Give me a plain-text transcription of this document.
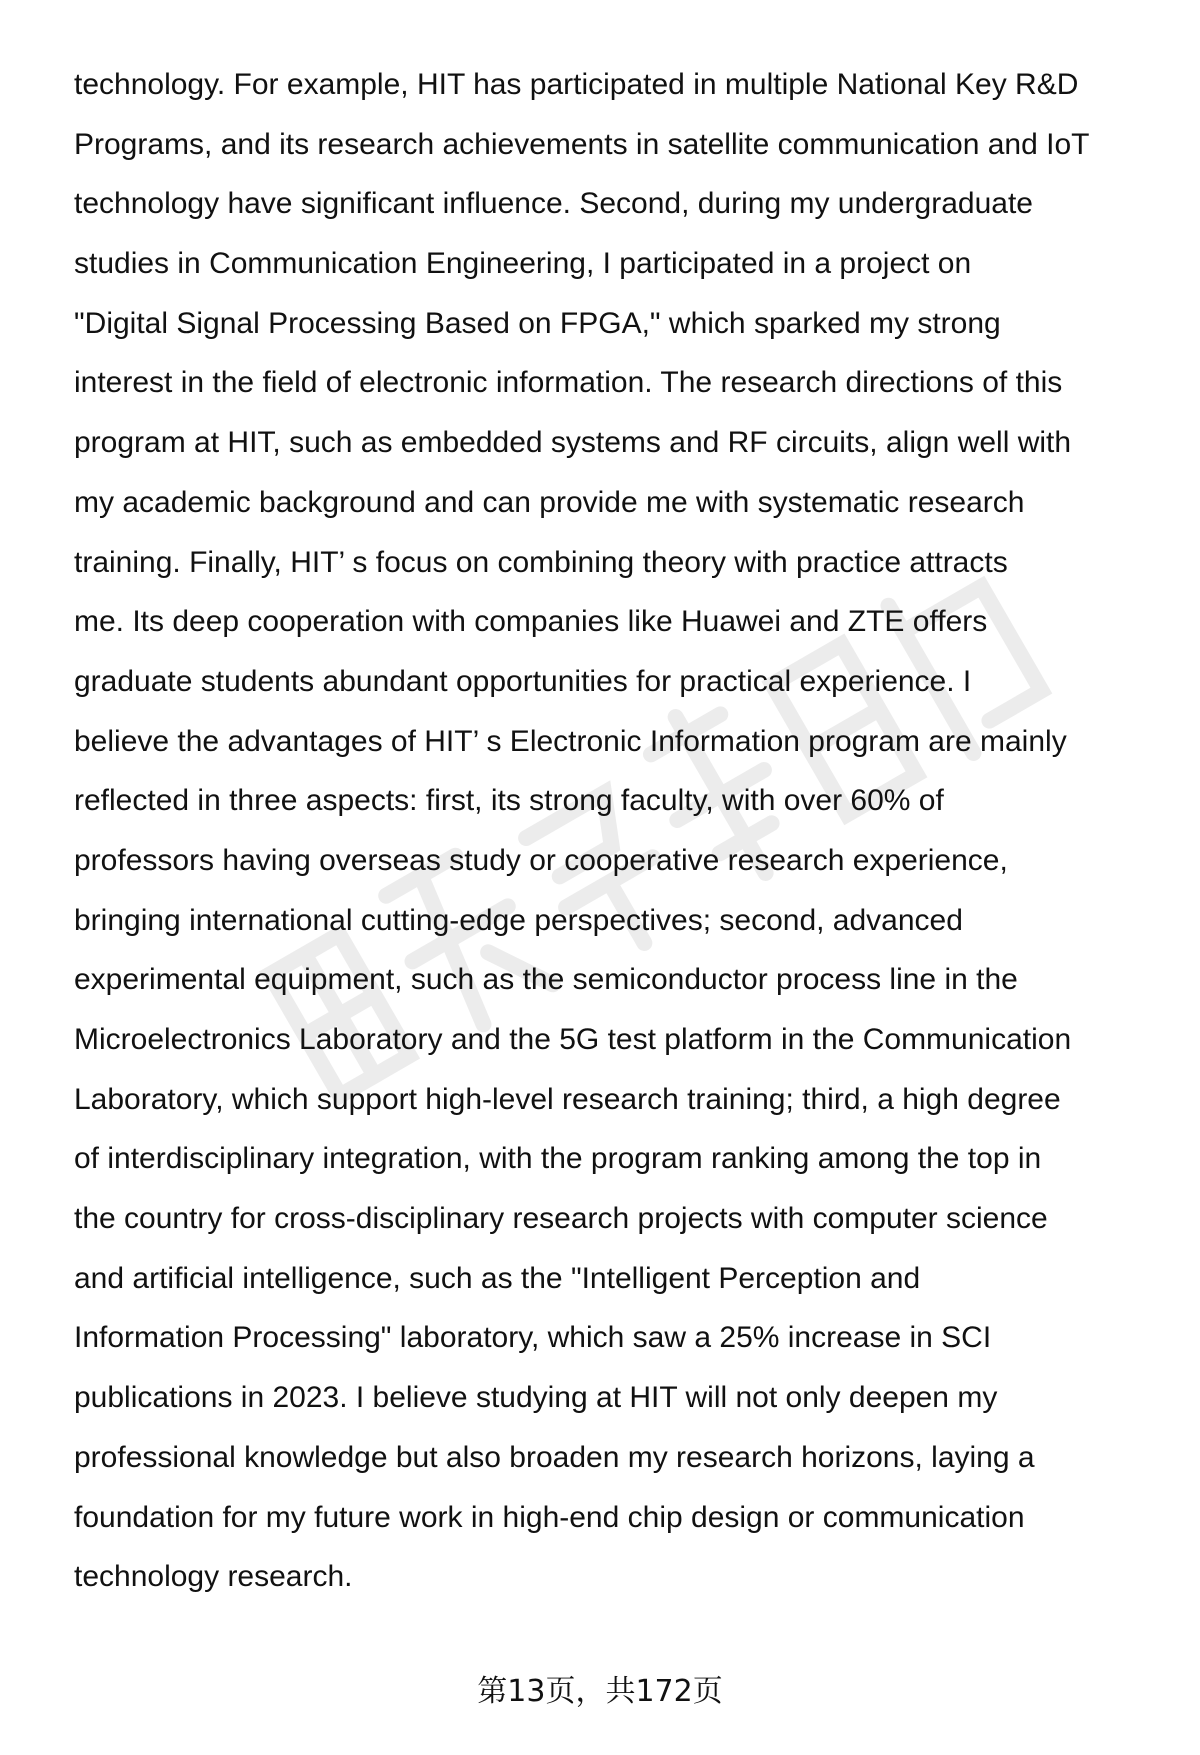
technology. For example, HIT has participated in multiple National Key R&D
Programs, and its research achievements in satellite communication and IoT
technology have significant influence. Second, during my undergraduate
studies in Communication Engineering, I participated in a project on
"Digital Signal Processing Based on FPGA," which sparked my strong
interest in the field of electronic information. The research directions of this
program at HIT, such as embedded systems and RF circuits, align well with
my academic background and can provide me with systematic research
training. Finally, HIT’ s focus on combining theory with practice attracts
me. Its deep cooperation with companies like Huawei and ZTE offers
graduate students abundant opportunities for practical experience. I
believe the advantages of HIT’ s Electronic Information program are mainly
reflected in three aspects: first, its strong faculty, with over 60% of
professors having overseas study or cooperative research experience,
bringing international cutting-edge perspectives; second, advanced
experimental equipment, such as the semiconductor process line in the
Microelectronics Laboratory and the 5G test platform in the Communication
Laboratory, which support high-level research training; third, a high degree
of interdisciplinary integration, with the program ranking among the top in
the country for cross-disciplinary research projects with computer science
and artificial intelligence, such as the "Intelligent Perception and
Information Processing" laboratory, which saw a 25% increase in SCI
publications in 2023. I believe studying at HIT will not only deepen my
professional knowledge but also broaden my research horizons, laying a
foundation for my future work in high-end chip design or communication
technology research.
第13页，共172页
